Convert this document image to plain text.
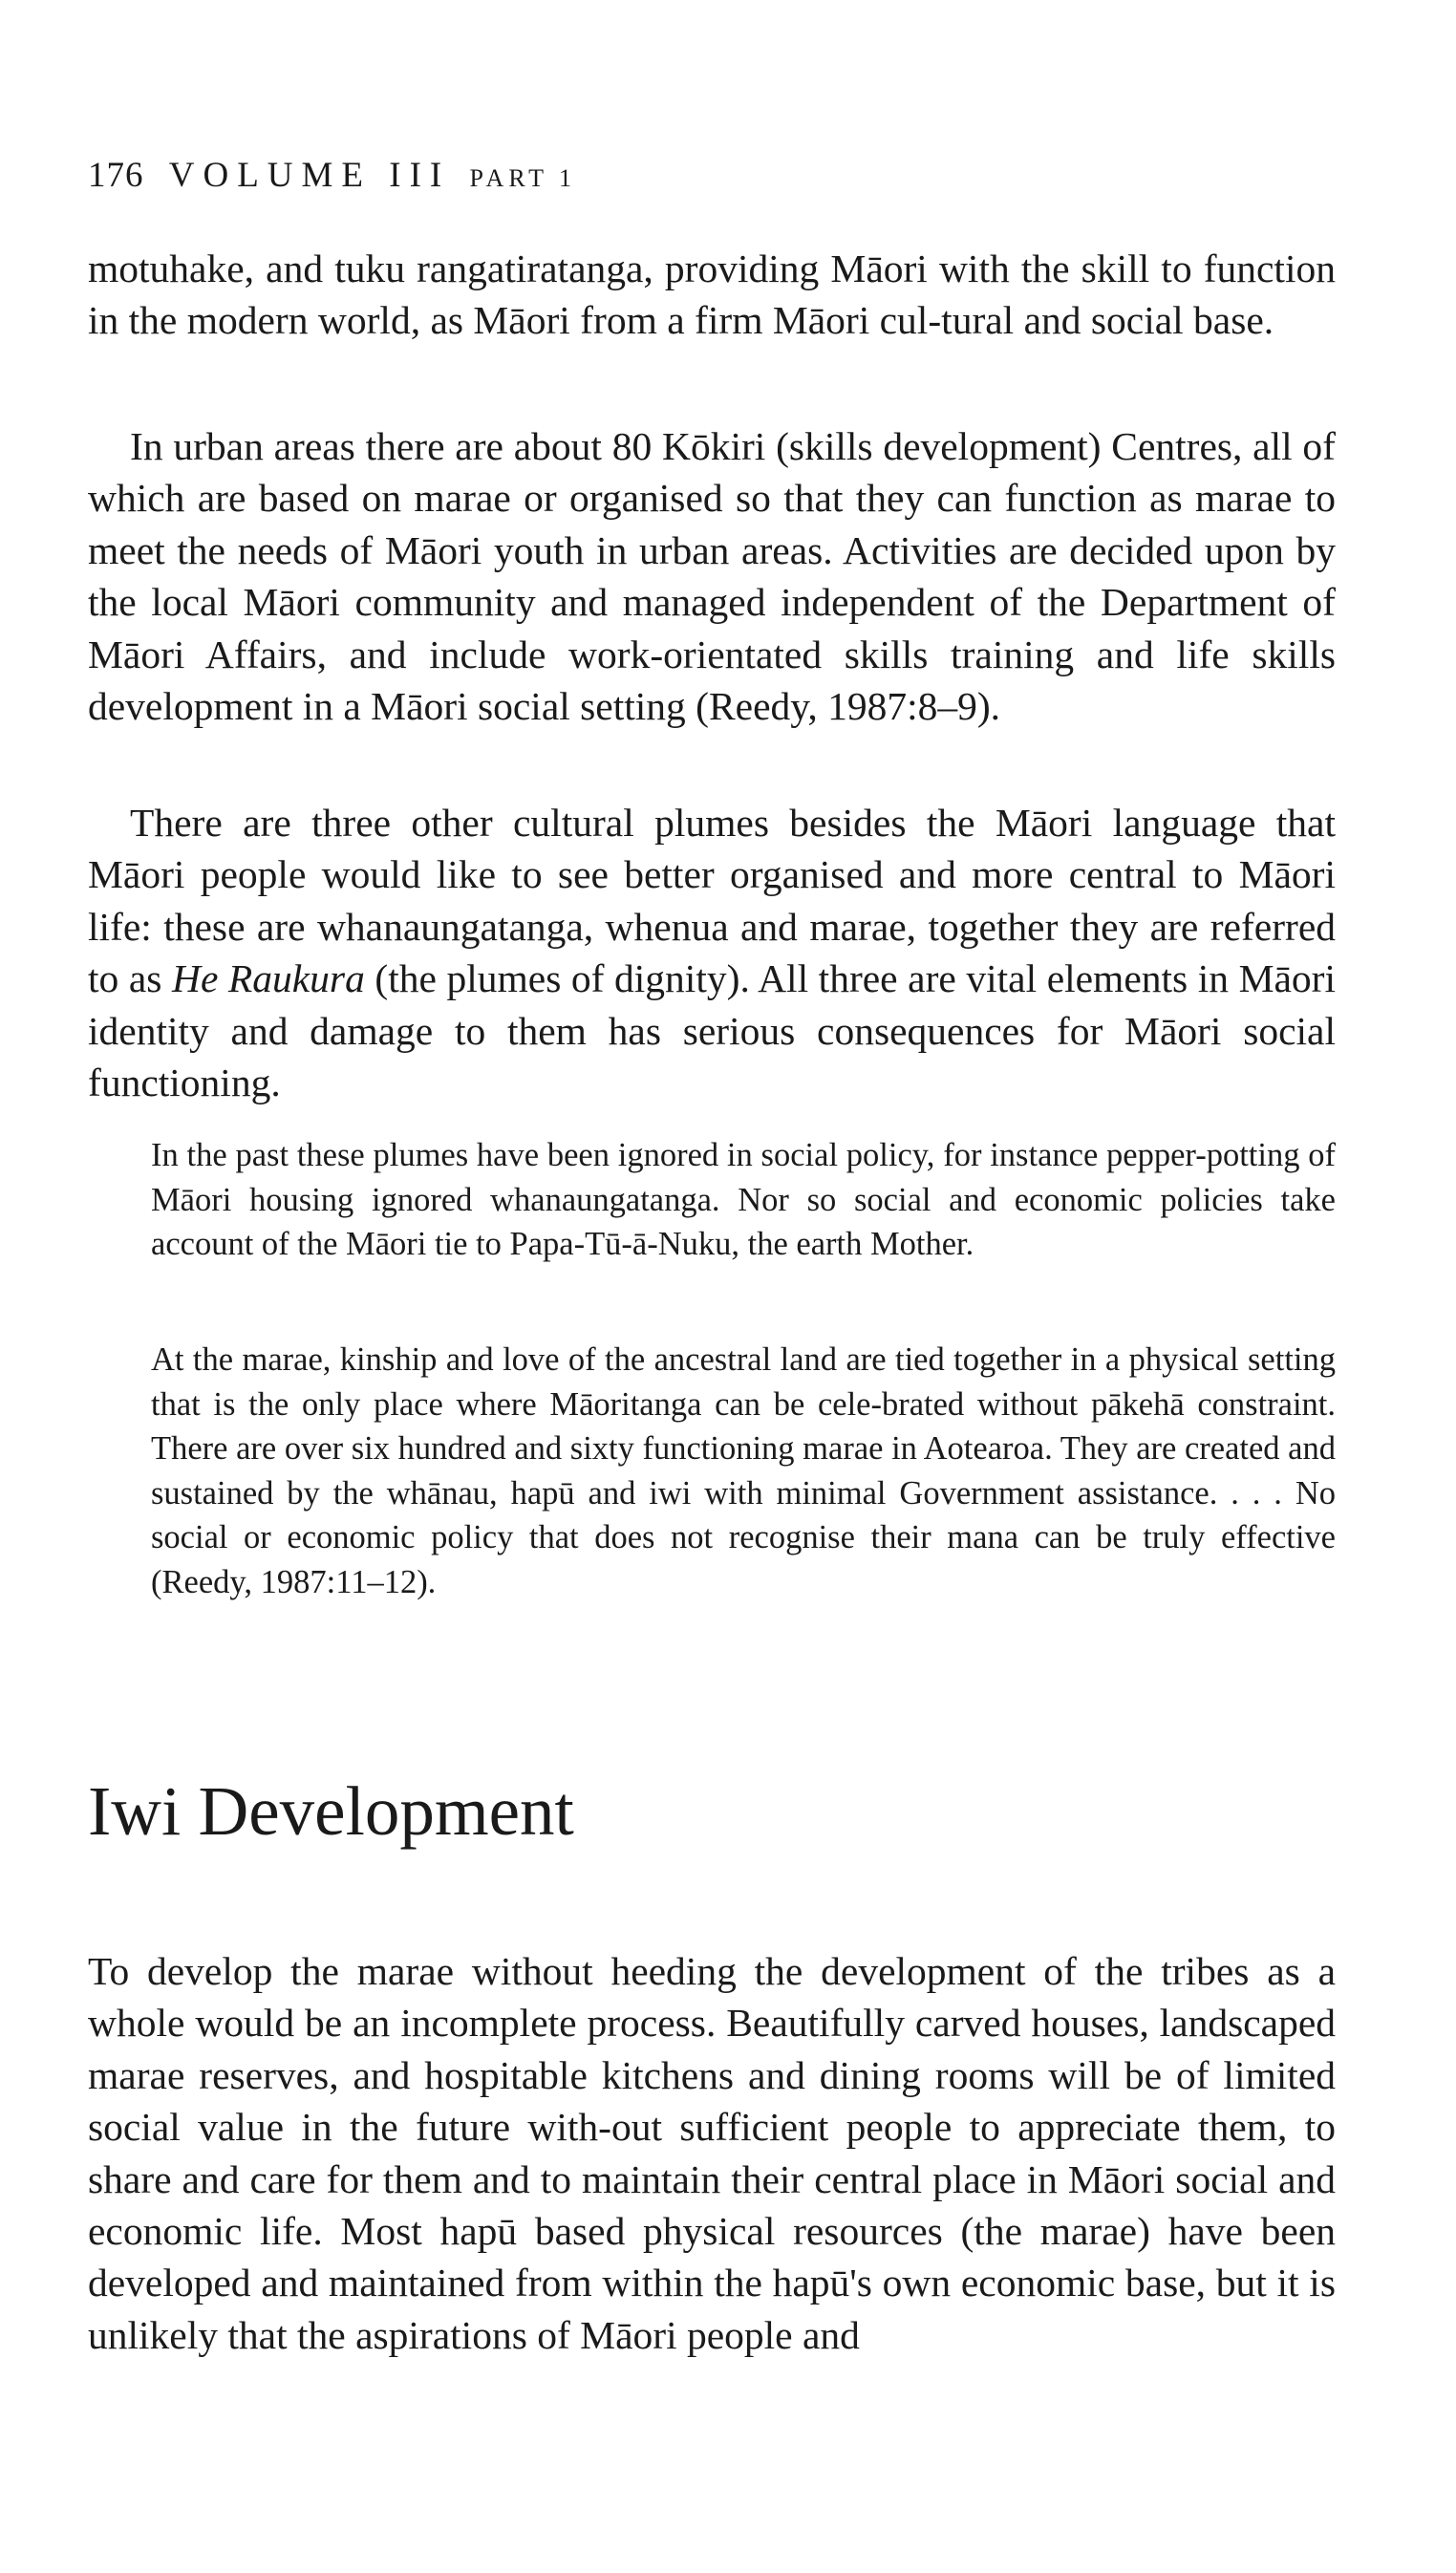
176 VOLUME III PART 1

motuhake, and tuku rangatiratanga, providing Māori with the skill to function in the modern world, as Māori from a firm Māori cul-tural and social base.

In urban areas there are about 80 Kōkiri (skills development) Centres, all of which are based on marae or organised so that they can function as marae to meet the needs of Māori youth in urban areas. Activities are decided upon by the local Māori community and managed independent of the Department of Māori Affairs, and include work-orientated skills training and life skills development in a Māori social setting (Reedy, 1987:8–9).

There are three other cultural plumes besides the Māori language that Māori people would like to see better organised and more central to Māori life: these are whanaungatanga, whenua and marae, together they are referred to as He Raukura (the plumes of dignity). All three are vital elements in Māori identity and damage to them has serious consequences for Māori social functioning.

In the past these plumes have been ignored in social policy, for instance pepper-potting of Māori housing ignored whanaungatanga. Nor so social and economic policies take account of the Māori tie to Papa-Tū-ā-Nuku, the earth Mother.

At the marae, kinship and love of the ancestral land are tied together in a physical setting that is the only place where Māoritanga can be cele-brated without pākehā constraint. There are over six hundred and sixty functioning marae in Aotearoa. They are created and sustained by the whānau, hapū and iwi with minimal Government assistance. . . . No social or economic policy that does not recognise their mana can be truly effective (Reedy, 1987:11–12).

Iwi Development

To develop the marae without heeding the development of the tribes as a whole would be an incomplete process. Beautifully carved houses, landscaped marae reserves, and hospitable kitchens and dining rooms will be of limited social value in the future with-out sufficient people to appreciate them, to share and care for them and to maintain their central place in Māori social and economic life. Most hapū based physical resources (the marae) have been developed and maintained from within the hapū's own economic base, but it is unlikely that the aspirations of Māori people and
